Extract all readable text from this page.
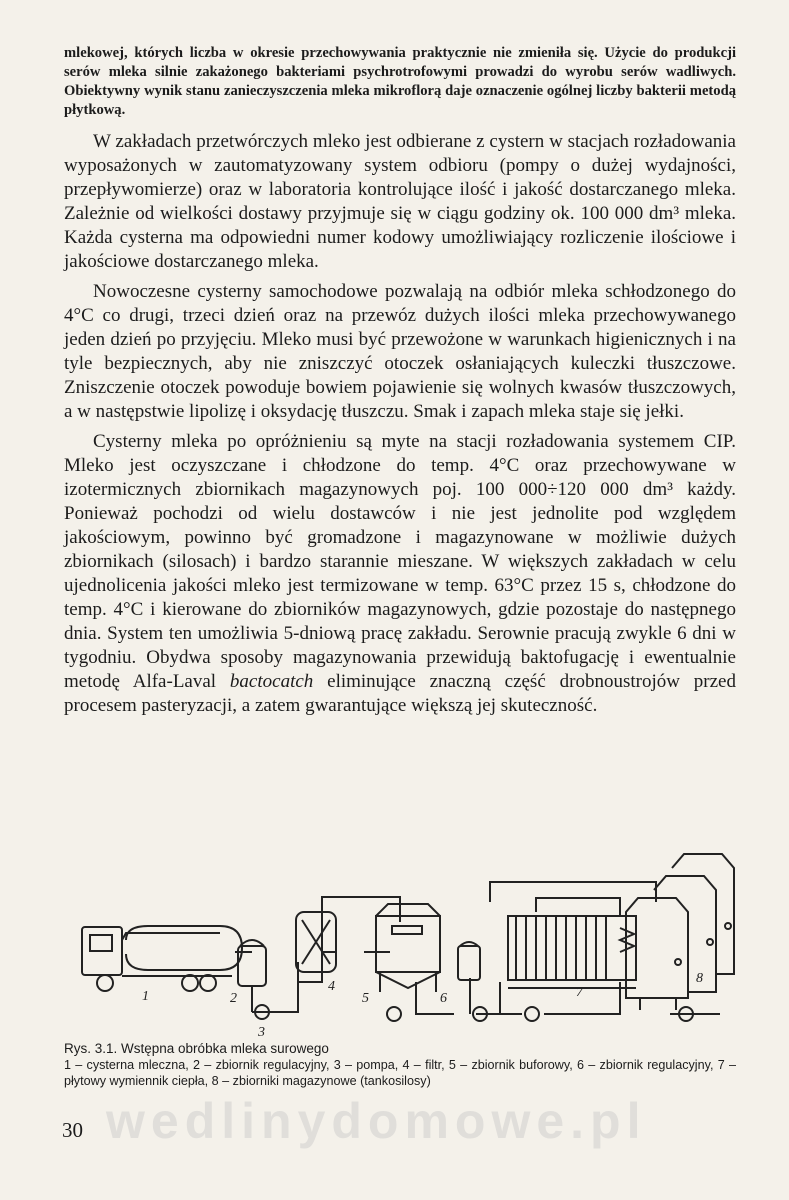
mlekowej, których liczba w okresie przechowywania praktycznie nie zmieniła się. Użycie do produkcji serów mleka silnie zakażonego bakteriami psychrotrofowymi prowadzi do wyrobu serów wadliwych. Obiektywny wynik stanu zanieczyszczenia mleka mikroflorą daje oznaczenie ogólnej liczby bakterii metodą płytkową.

W zakładach przetwórczych mleko jest odbierane z cystern w stacjach rozładowania wyposażonych w zautomatyzowany system odbioru (pompy o dużej wydajności, przepływomierze) oraz w laboratoria kontrolujące ilość i jakość dostarczanego mleka. Zależnie od wielkości dostawy przyjmuje się w ciągu godziny ok. 100 000 dm³ mleka. Każda cysterna ma odpowiedni numer kodowy umożliwiający rozliczenie ilościowe i jakościowe dostarczanego mleka.

Nowoczesne cysterny samochodowe pozwalają na odbiór mleka schłodzonego do 4°C co drugi, trzeci dzień oraz na przewóz dużych ilości mleka przechowywanego jeden dzień po przyjęciu. Mleko musi być przewożone w warunkach higienicznych i na tyle bezpiecznych, aby nie zniszczyć otoczek osłaniających kuleczki tłuszczowe. Zniszczenie otoczek powoduje bowiem pojawienie się wolnych kwasów tłuszczowych, a w następstwie lipolizę i oksydację tłuszczu. Smak i zapach mleka staje się jełki.

Cysterny mleka po opróżnieniu są myte na stacji rozładowania systemem CIP. Mleko jest oczyszczane i chłodzone do temp. 4°C oraz przechowywane w izotermicznych zbiornikach magazynowych poj. 100 000÷120 000 dm³ każdy. Ponieważ pochodzi od wielu dostawców i nie jest jednolite pod względem jakościowym, powinno być gromadzone i magazynowane w możliwie dużych zbiornikach (silosach) i bardzo starannie mieszane. W większych zakładach w celu ujednolicenia jakości mleko jest termizowane w temp. 63°C przez 15 s, chłodzone do temp. 4°C i kierowane do zbiorników magazynowych, gdzie pozostaje do następnego dnia. System ten umożliwia 5-dniową pracę zakładu. Serownie pracują zwykle 6 dni w tygodniu. Obydwa sposoby magazynowania przewidują baktofugację i ewentualnie metodę Alfa-Laval bactocatch eliminujące znaczną część drobnoustrojów przed procesem pasteryzacji, a zatem gwarantujące większą jej skuteczność.

1	2
3
4
5	6	7
8
Rys. 3.1. Wstępna obróbka mleka surowego
1 – cysterna mleczna, 2 – zbiornik regulacyjny, 3 – pompa, 4 – filtr, 5 – zbiornik buforowy, 6 – zbiornik regulacyjny, 7 – płytowy wymiennik ciepła, 8 – zbiorniki magazynowe (tankosilosy)
30 wedlinydomowe.pl
